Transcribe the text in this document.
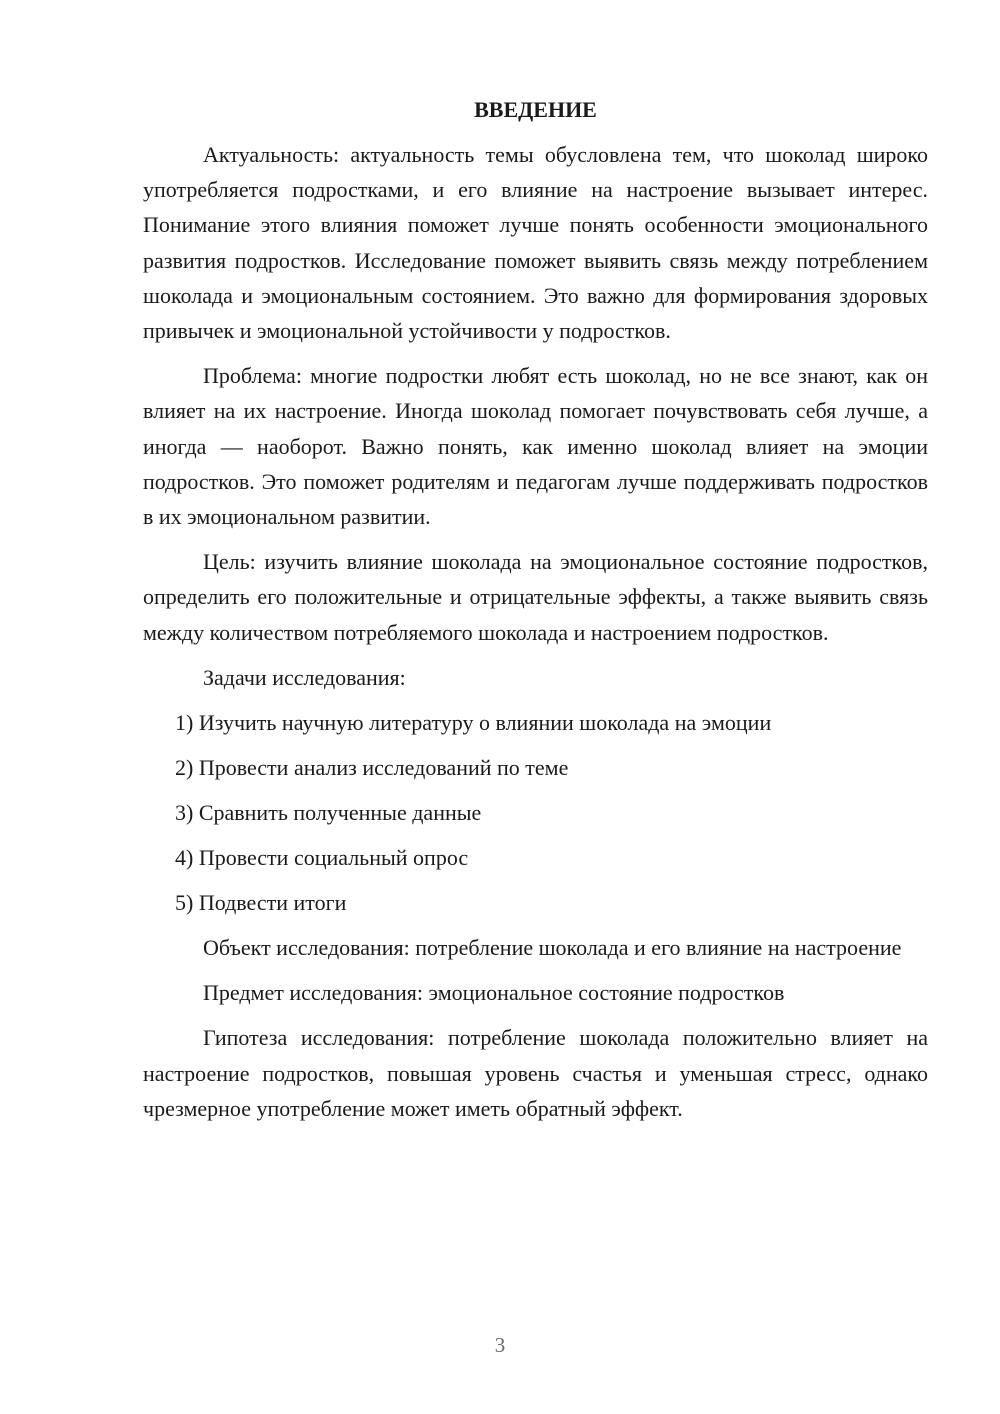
ВВЕДЕНИЕ

Актуальность: актуальность темы обусловлена тем, что шоколад широко употребляется подростками, и его влияние на настроение вызывает интерес. Понимание этого влияния поможет лучше понять особенности эмоционального развития подростков. Исследование поможет выявить связь между потреблением шоколада и эмоциональным состоянием. Это важно для формирования здоровых привычек и эмоциональной устойчивости у подростков.

Проблема: многие подростки любят есть шоколад, но не все знают, как он влияет на их настроение. Иногда шоколад помогает почувствовать себя лучше, а иногда — наоборот. Важно понять, как именно шоколад влияет на эмоции подростков. Это поможет родителям и педагогам лучше поддерживать подростков в их эмоциональном развитии.

Цель: изучить влияние шоколада на эмоциональное состояние подростков, определить его положительные и отрицательные эффекты, а также выявить связь между количеством потребляемого шоколада и настроением подростков.

Задачи исследования:

1) Изучить научную литературу о влиянии шоколада на эмоции
2) Провести анализ исследований по теме
3) Сравнить полученные данные
4) Провести социальный опрос
5) Подвести итоги

Объект исследования: потребление шоколада и его влияние на настроение

Предмет исследования: эмоциональное состояние подростков

Гипотеза исследования: потребление шоколада положительно влияет на настроение подростков, повышая уровень счастья и уменьшая стресс, однако чрезмерное употребление может иметь обратный эффект.

3
